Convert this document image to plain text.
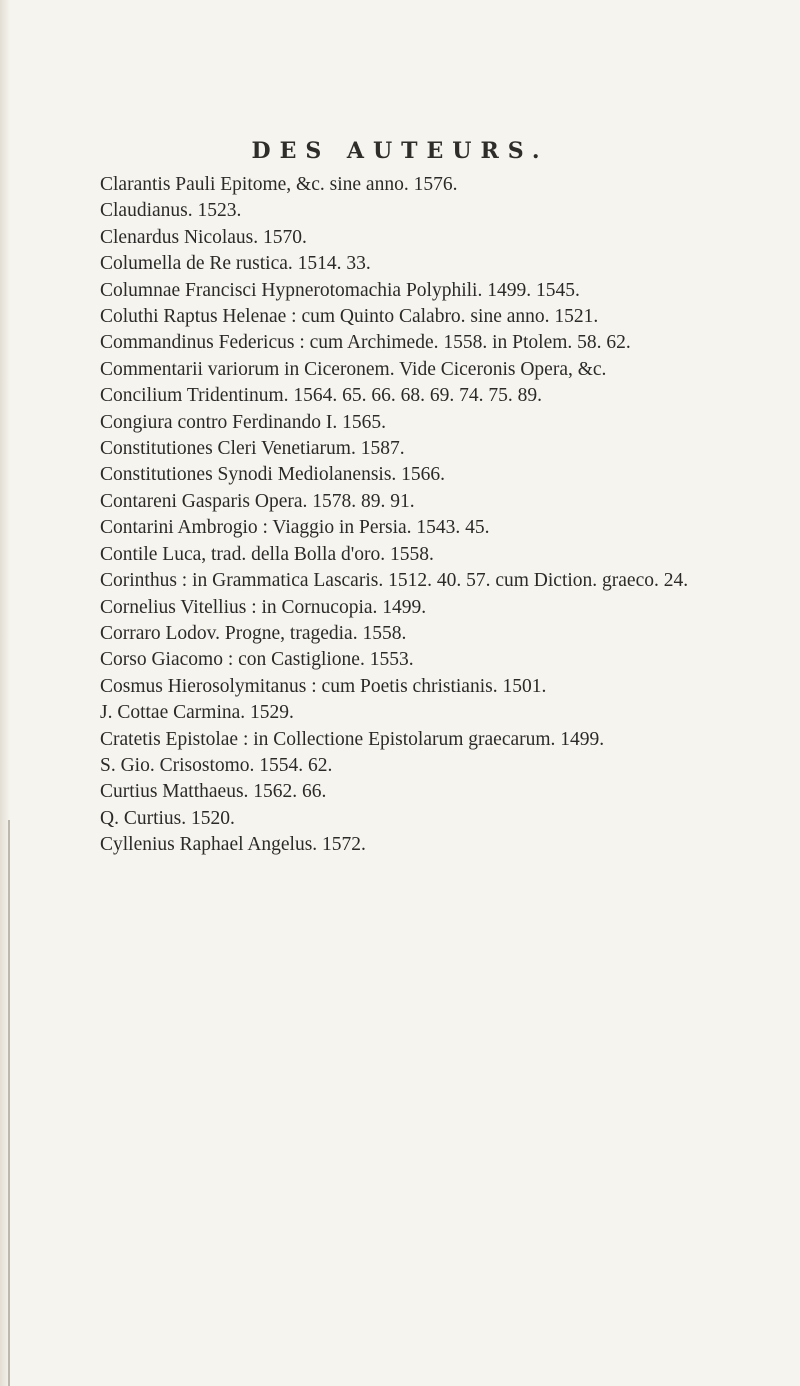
DES AUTEURS.
Clarantis Pauli Epitome, &c. sine anno. 1576.
Claudianus. 1523.
Clenardus Nicolaus. 1570.
Columella de Re rustica. 1514. 33.
Columnae Francisci Hypnerotomachia Polyphili. 1499. 1545.
Coluthi Raptus Helenae : cum Quinto Calabro. sine anno. 1521.
Commandinus Federicus : cum Archimede. 1558. in Ptolem. 58. 62.
Commentarii variorum in Ciceronem. Vide Ciceronis Opera, &c.
Concilium Tridentinum. 1564. 65. 66. 68. 69. 74. 75. 89.
Congiura contro Ferdinando I. 1565.
Constitutiones Cleri Venetiarum. 1587.
Constitutiones Synodi Mediolanensis. 1566.
Contareni Gasparis Opera. 1578. 89. 91.
Contarini Ambrogio : Viaggio in Persia. 1543. 45.
Contile Luca, trad. della Bolla d'oro. 1558.
Corinthus : in Grammatica Lascaris. 1512. 40. 57. cum Diction. graeco. 24.
Cornelius Vitellius : in Cornucopia. 1499.
Corraro Lodov. Progne, tragedia. 1558.
Corso Giacomo : con Castiglione. 1553.
Cosmus Hierosolymitanus : cum Poetis christianis. 1501.
J. Cottae Carmina. 1529.
Cratetis Epistolae : in Collectione Epistolarum graecarum. 1499.
S. Gio. Crisostomo. 1554. 62.
Curtius Matthaeus. 1562. 66.
Q. Curtius. 1520.
Cyllenius Raphael Angelus. 1572.
